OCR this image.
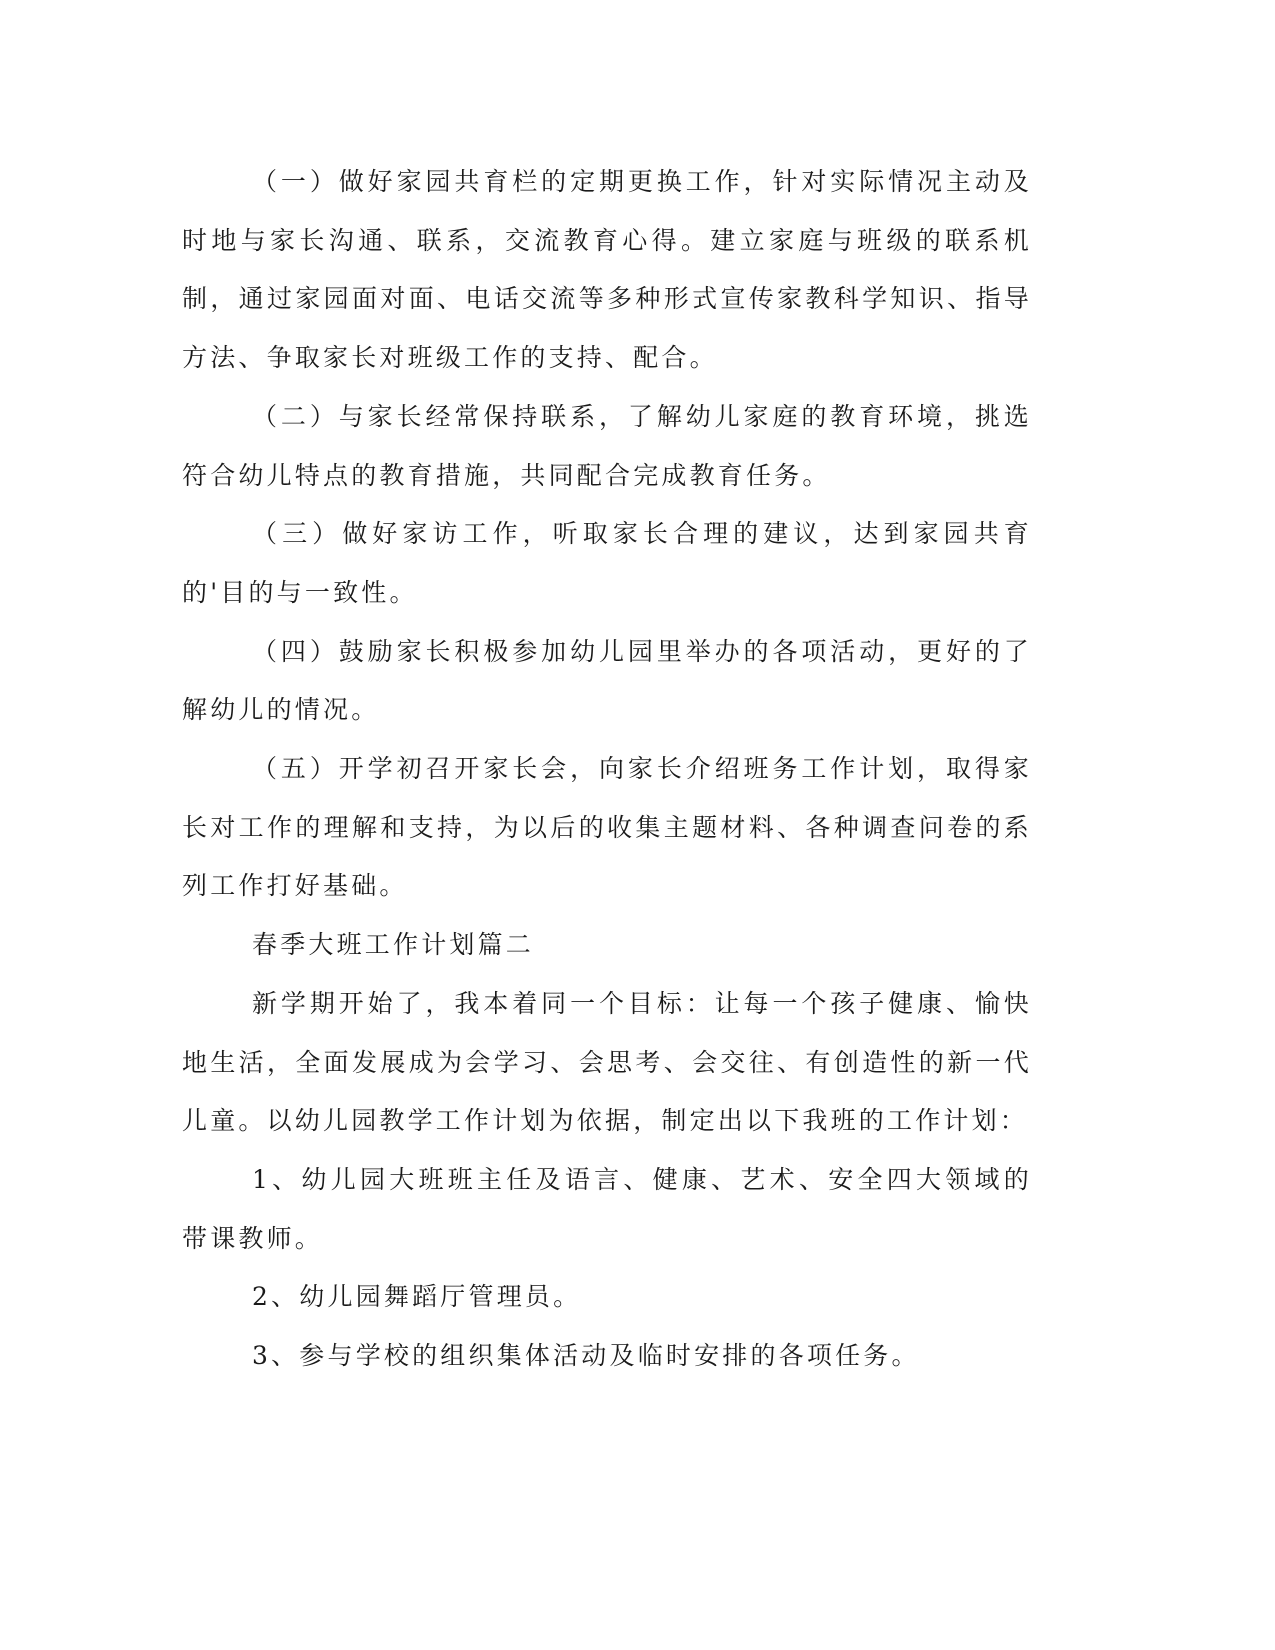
（一）做好家园共育栏的定期更换工作，针对实际情况主动及时地与家长沟通、联系，交流教育心得。建立家庭与班级的联系机制，通过家园面对面、电话交流等多种形式宣传家教科学知识、指导方法、争取家长对班级工作的支持、配合。

（二）与家长经常保持联系，了解幼儿家庭的教育环境，挑选符合幼儿特点的教育措施，共同配合完成教育任务。

（三）做好家访工作，听取家长合理的建议，达到家园共育的'目的与一致性。

（四）鼓励家长积极参加幼儿园里举办的各项活动，更好的了解幼儿的情况。

（五）开学初召开家长会，向家长介绍班务工作计划，取得家长对工作的理解和支持，为以后的收集主题材料、各种调查问卷的系列工作打好基础。

春季大班工作计划篇二

新学期开始了，我本着同一个目标：让每一个孩子健康、愉快地生活，全面发展成为会学习、会思考、会交往、有创造性的新一代儿童。以幼儿园教学工作计划为依据，制定出以下我班的工作计划：

1、幼儿园大班班主任及语言、健康、艺术、安全四大领域的带课教师。

2、幼儿园舞蹈厅管理员。

3、参与学校的组织集体活动及临时安排的各项任务。
